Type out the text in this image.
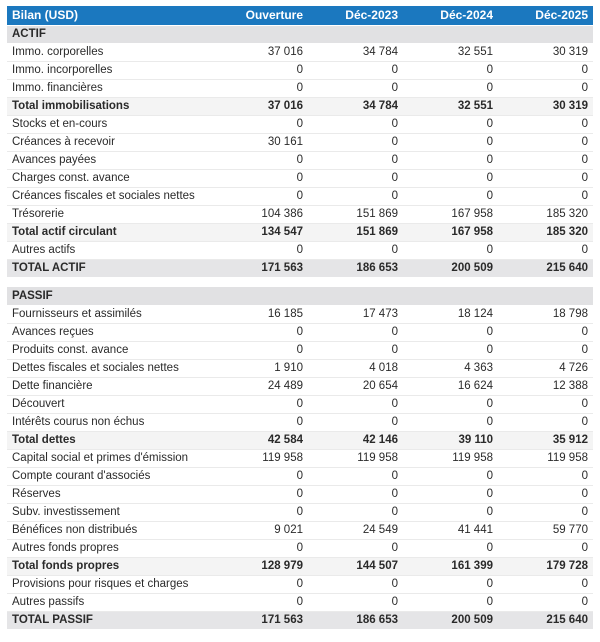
Bilan (USD)	Ouverture	Déc-2023	Déc-2024	Déc-2025
ACTIF				
Immo. corporelles	37 016	34 784	32 551	30 319
Immo. incorporelles	0	0	0	0
Immo. financières	0	0	0	0
Total immobilisations	37 016	34 784	32 551	30 319
Stocks et en-cours	0	0	0	0
Créances à recevoir	30 161	0	0	0
Avances payées	0	0	0	0
Charges const. avance	0	0	0	0
Créances fiscales et sociales nettes	0	0	0	0
Trésorerie	104 386	151 869	167 958	185 320
Total actif circulant	134 547	151 869	167 958	185 320
Autres actifs	0	0	0	0
TOTAL ACTIF	171 563	186 653	200 509	215 640

PASSIF				
Fournisseurs et assimilés	16 185	17 473	18 124	18 798
Avances reçues	0	0	0	0
Produits const. avance	0	0	0	0
Dettes fiscales et sociales nettes	1 910	4 018	4 363	4 726
Dette financière	24 489	20 654	16 624	12 388
Découvert	0	0	0	0
Intérêts courus non échus	0	0	0	0
Total dettes	42 584	42 146	39 110	35 912
Capital social et primes d'émission	119 958	119 958	119 958	119 958
Compte courant d'associés	0	0	0	0
Réserves	0	0	0	0
Subv. investissement	0	0	0	0
Bénéfices non distribués	9 021	24 549	41 441	59 770
Autres fonds propres	0	0	0	0
Total fonds propres	128 979	144 507	161 399	179 728
Provisions pour risques et charges	0	0	0	0
Autres passifs	0	0	0	0
TOTAL PASSIF	171 563	186 653	200 509	215 640
